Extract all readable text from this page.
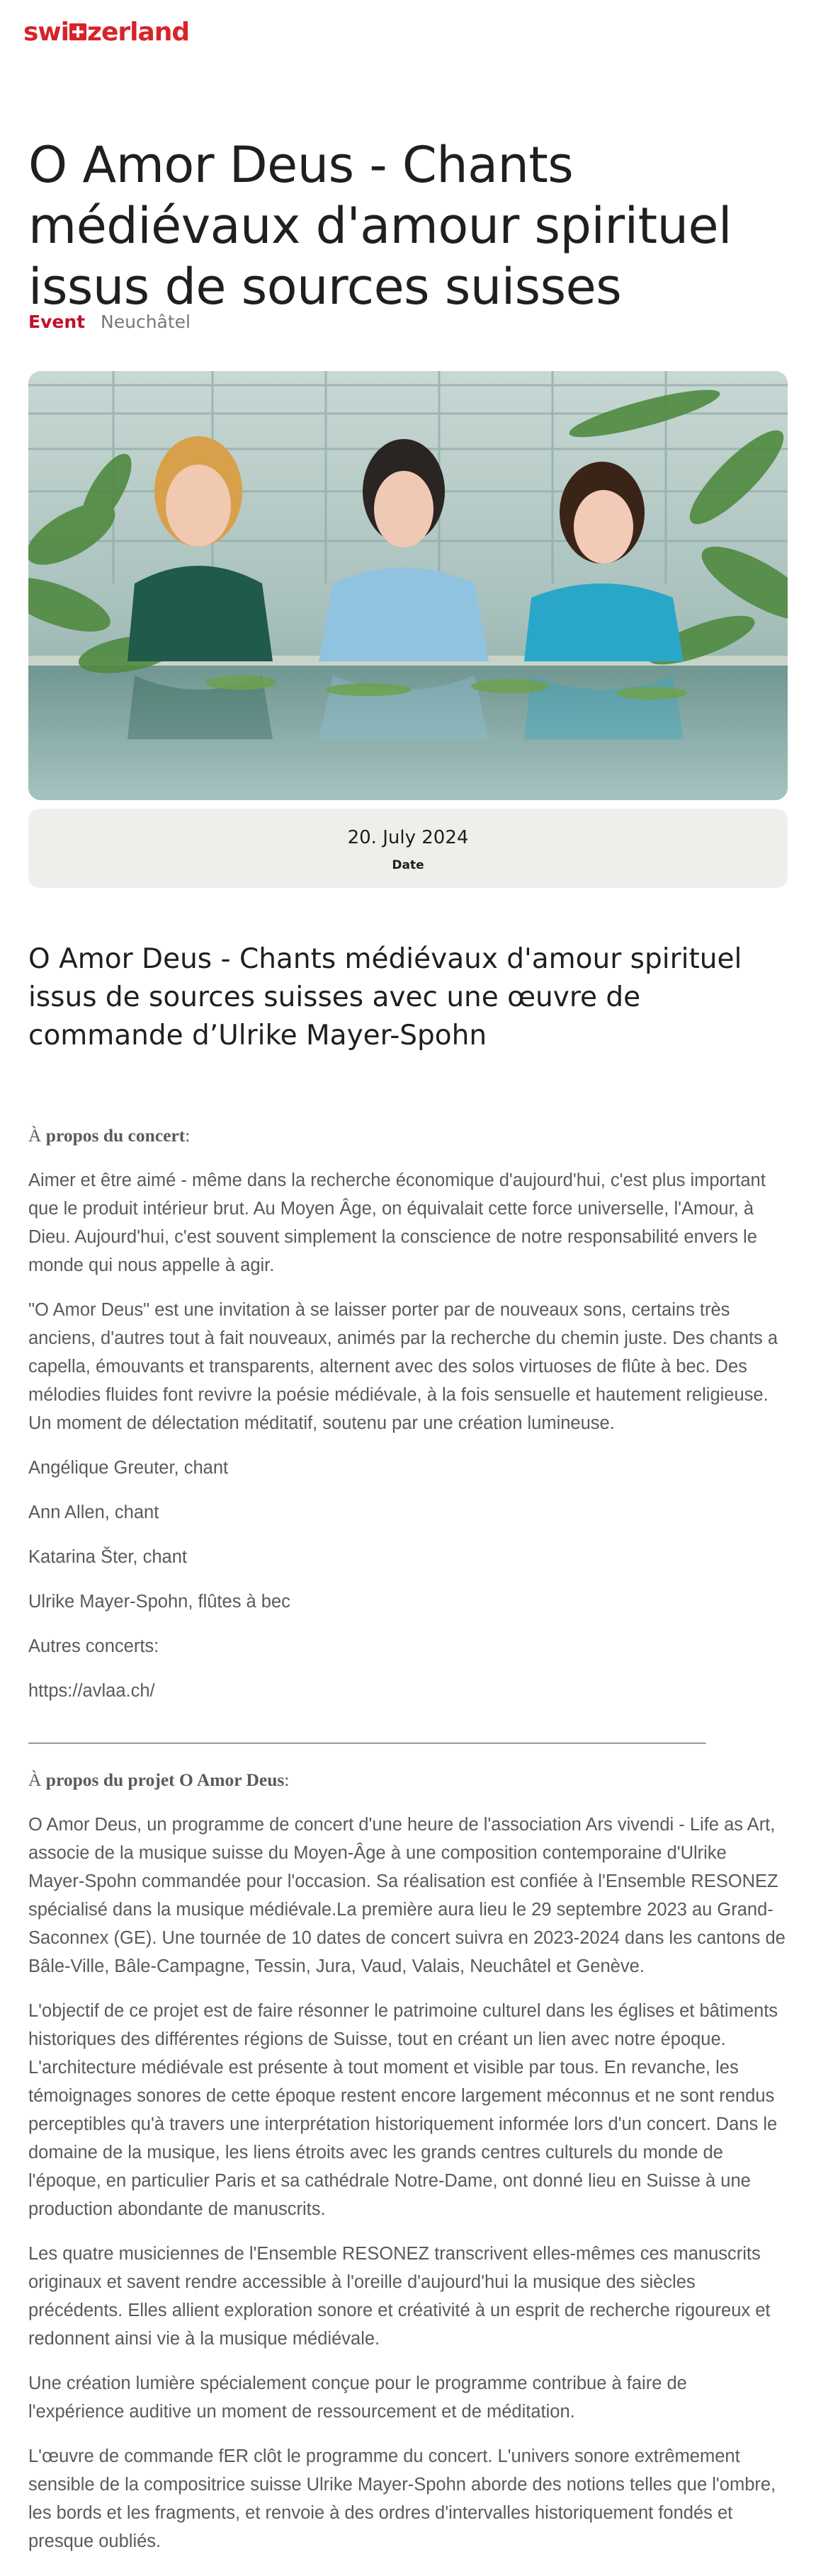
swi zerland
O Amor Deus - Chants médiévaux d'amour spirituel issus de sources suisses
Event Neuchâtel
20. July 2024
Date
O Amor Deus - Chants médiévaux d'amour spirituel issus de sources suisses avec une œuvre de commande d’Ulrike Mayer-Spohn

À propos du concert:

Aimer et être aimé - même dans la recherche économique d'aujourd'hui, c'est plus important que le produit intérieur brut. Au Moyen Âge, on équivalait cette force universelle, l'Amour, à Dieu. Aujourd'hui, c'est souvent simplement la conscience de notre responsabilité envers le monde qui nous appelle à agir.

"O Amor Deus" est une invitation à se laisser porter par de nouveaux sons, certains très anciens, d'autres tout à fait nouveaux, animés par la recherche du chemin juste. Des chants a capella, émouvants et transparents, alternent avec des solos virtuoses de flûte à bec. Des mélodies fluides font revivre la poésie médiévale, à la fois sensuelle et hautement religieuse. Un moment de délectation méditatif, soutenu par une création lumineuse.

Angélique Greuter, chant

Ann Allen, chant

Katarina Šter, chant

Ulrike Mayer-Spohn, flûtes à bec

Autres concerts:

https://avlaa.ch/

___________________________________________________________________________

À propos du projet O Amor Deus:

O Amor Deus, un programme de concert d'une heure de l'association Ars vivendi - Life as Art, associe de la musique suisse du Moyen-Âge à une composition contemporaine d'Ulrike Mayer-Spohn commandée pour l'occasion. Sa réalisation est confiée à l'Ensemble RESONEZ spécialisé dans la musique médiévale.La première aura lieu le 29 septembre 2023 au Grand-Saconnex (GE). Une tournée de 10 dates de concert suivra en 2023-2024 dans les cantons de Bâle-Ville, Bâle-Campagne, Tessin, Jura, Vaud, Valais, Neuchâtel et Genève.

L'objectif de ce projet est de faire résonner le patrimoine culturel dans les églises et bâtiments historiques des différentes régions de Suisse, tout en créant un lien avec notre époque. L'architecture médiévale est présente à tout moment et visible par tous. En revanche, les témoignages sonores de cette époque restent encore largement méconnus et ne sont rendus perceptibles qu'à travers une interprétation historiquement informée lors d'un concert. Dans le domaine de la musique, les liens étroits avec les grands centres culturels du monde de l'époque, en particulier Paris et sa cathédrale Notre-Dame, ont donné lieu en Suisse à une production abondante de manuscrits.

Les quatre musiciennes de l'Ensemble RESONEZ transcrivent elles-mêmes ces manuscrits originaux et savent rendre accessible à l'oreille d'aujourd'hui la musique des siècles précédents. Elles allient exploration sonore et créativité à un esprit de recherche rigoureux et redonnent ainsi vie à la musique médiévale.

Une création lumière spécialement conçue pour le programme contribue à faire de l'expérience auditive un moment de ressourcement et de méditation.

L'œuvre de commande fER clôt le programme du concert. L'univers sonore extrêmement sensible de la compositrice suisse Ulrike Mayer-Spohn aborde des notions telles que l'ombre, les bords et les fragments, et renvoie à des ordres d'intervalles historiquement fondés et presque oubliés.
